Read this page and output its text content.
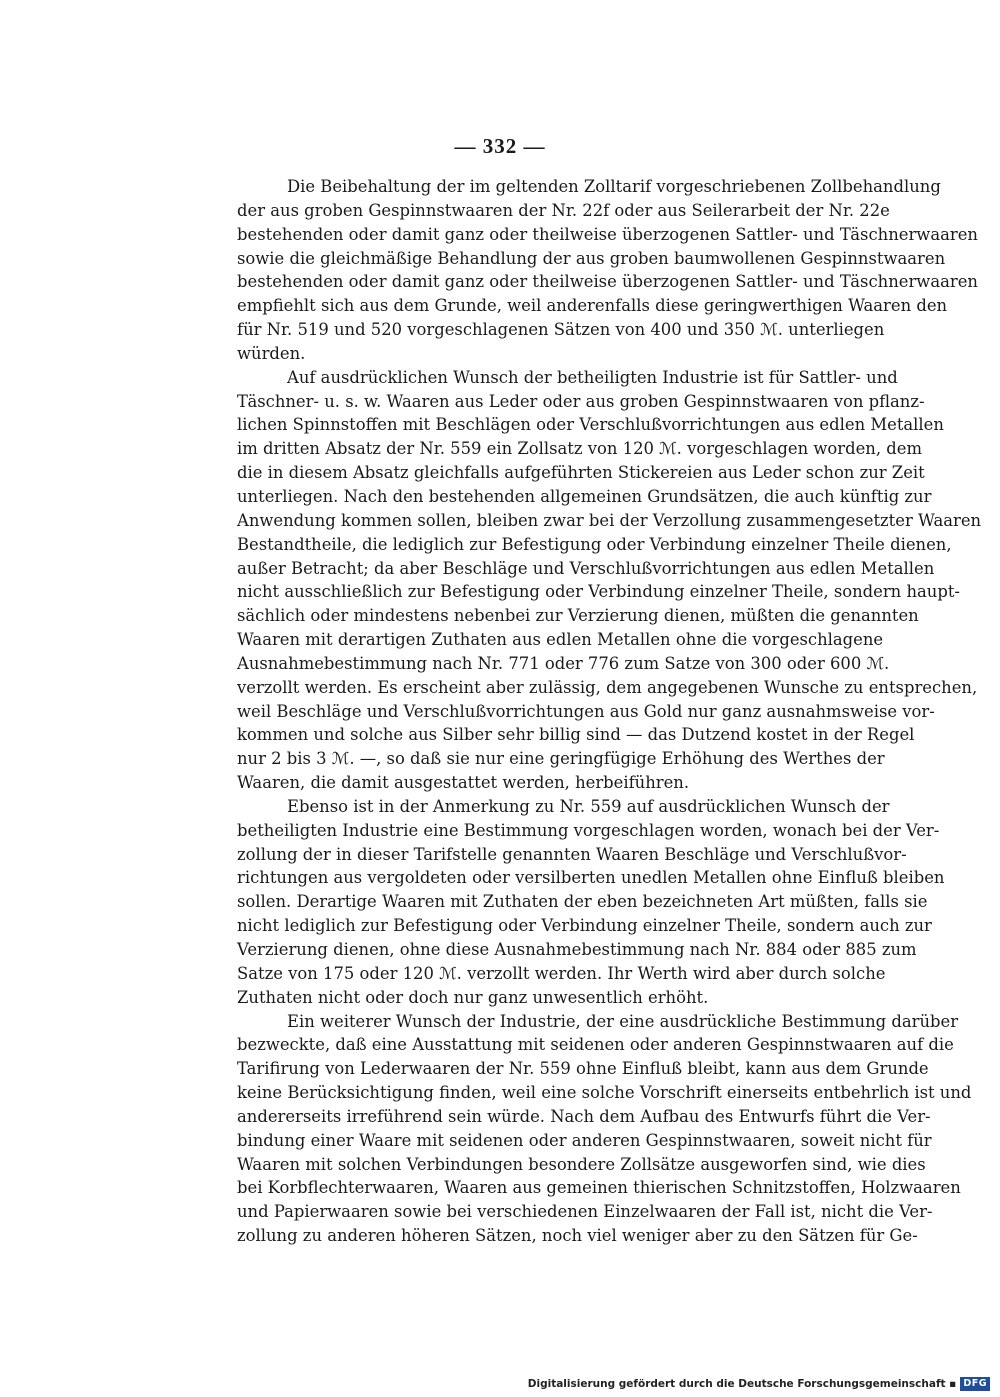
— 332 —
Die Beibehaltung der im geltenden Zolltarif vorgeschriebenen Zollbehandlung
der aus groben Gespinnstwaaren der Nr. 22f oder aus Seilerarbeit der Nr. 22e
bestehenden oder damit ganz oder theilweise überzogenen Sattler- und Täschnerwaaren
sowie die gleichmäßige Behandlung der aus groben baumwollenen Gespinnstwaaren
bestehenden oder damit ganz oder theilweise überzogenen Sattler- und Täschnerwaaren
empfiehlt sich aus dem Grunde, weil anderenfalls diese geringwerthigen Waaren den
für Nr. 519 und 520 vorgeschlagenen Sätzen von 400 und 350 ℳ. unterliegen
würden.
Auf ausdrücklichen Wunsch der betheiligten Industrie ist für Sattler- und
Täschner- u. s. w. Waaren aus Leder oder aus groben Gespinnstwaaren von pflanz-
lichen Spinnstoffen mit Beschlägen oder Verschlußvorrichtungen aus edlen Metallen
im dritten Absatz der Nr. 559 ein Zollsatz von 120 ℳ. vorgeschlagen worden, dem
die in diesem Absatz gleichfalls aufgeführten Stickereien aus Leder schon zur Zeit
unterliegen. Nach den bestehenden allgemeinen Grundsätzen, die auch künftig zur
Anwendung kommen sollen, bleiben zwar bei der Verzollung zusammengesetzter Waaren
Bestandtheile, die lediglich zur Befestigung oder Verbindung einzelner Theile dienen,
außer Betracht; da aber Beschläge und Verschlußvorrichtungen aus edlen Metallen
nicht ausschließlich zur Befestigung oder Verbindung einzelner Theile, sondern haupt-
sächlich oder mindestens nebenbei zur Verzierung dienen, müßten die genannten
Waaren mit derartigen Zuthaten aus edlen Metallen ohne die vorgeschlagene
Ausnahmebestimmung nach Nr. 771 oder 776 zum Satze von 300 oder 600 ℳ.
verzollt werden. Es erscheint aber zulässig, dem angegebenen Wunsche zu entsprechen,
weil Beschläge und Verschlußvorrichtungen aus Gold nur ganz ausnahmsweise vor-
kommen und solche aus Silber sehr billig sind — das Dutzend kostet in der Regel
nur 2 bis 3 ℳ. —, so daß sie nur eine geringfügige Erhöhung des Werthes der
Waaren, die damit ausgestattet werden, herbeiführen.
Ebenso ist in der Anmerkung zu Nr. 559 auf ausdrücklichen Wunsch der
betheiligten Industrie eine Bestimmung vorgeschlagen worden, wonach bei der Ver-
zollung der in dieser Tarifstelle genannten Waaren Beschläge und Verschlußvor-
richtungen aus vergoldeten oder versilberten unedlen Metallen ohne Einfluß bleiben
sollen. Derartige Waaren mit Zuthaten der eben bezeichneten Art müßten, falls sie
nicht lediglich zur Befestigung oder Verbindung einzelner Theile, sondern auch zur
Verzierung dienen, ohne diese Ausnahmebestimmung nach Nr. 884 oder 885 zum
Satze von 175 oder 120 ℳ. verzollt werden. Ihr Werth wird aber durch solche
Zuthaten nicht oder doch nur ganz unwesentlich erhöht.
Ein weiterer Wunsch der Industrie, der eine ausdrückliche Bestimmung darüber
bezweckte, daß eine Ausstattung mit seidenen oder anderen Gespinnstwaaren auf die
Tarifirung von Lederwaaren der Nr. 559 ohne Einfluß bleibt, kann aus dem Grunde
keine Berücksichtigung finden, weil eine solche Vorschrift einerseits entbehrlich ist und
andererseits irreführend sein würde. Nach dem Aufbau des Entwurfs führt die Ver-
bindung einer Waare mit seidenen oder anderen Gespinnstwaaren, soweit nicht für
Waaren mit solchen Verbindungen besondere Zollsätze ausgeworfen sind, wie dies
bei Korbflechterwaaren, Waaren aus gemeinen thierischen Schnitzstoffen, Holzwaaren
und Papierwaaren sowie bei verschiedenen Einzelwaaren der Fall ist, nicht die Ver-
zollung zu anderen höheren Sätzen, noch viel weniger aber zu den Sätzen für Ge-
Digitalisierung gefördert durch die Deutsche Forschungsgemeinschaft ▪ DFG
